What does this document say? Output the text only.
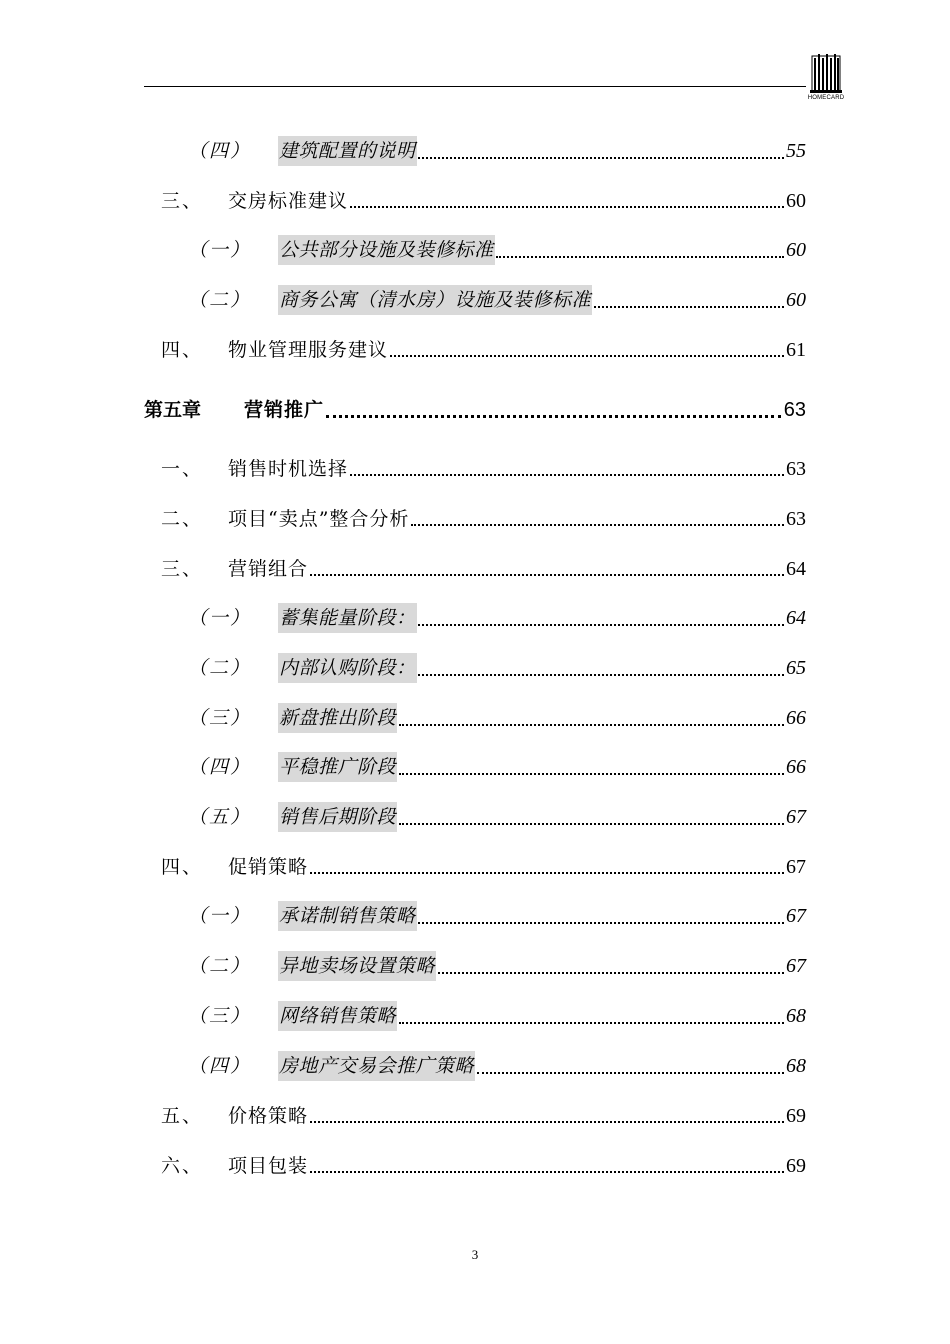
HOMECARD
（四） 建筑配置的说明	55
三、 交房标准建议	60
（一） 公共部分设施及装修标准	60
（二） 商务公寓（清水房）设施及装修标准	60
四、 物业管理服务建议	61
第五章 营销推广	63
一、 销售时机选择	63
二、 项目“卖点”整合分析	63
三、 营销组合	64
（一） 蓄集能量阶段：	64
（二） 内部认购阶段：	65
（三） 新盘推出阶段	66
（四） 平稳推广阶段	66
（五） 销售后期阶段	67
四、 促销策略	67
（一） 承诺制销售策略	67
（二） 异地卖场设置策略	67
（三） 网络销售策略	68
（四） 房地产交易会推广策略	68
五、 价格策略	69
六、 项目包装	69
3
